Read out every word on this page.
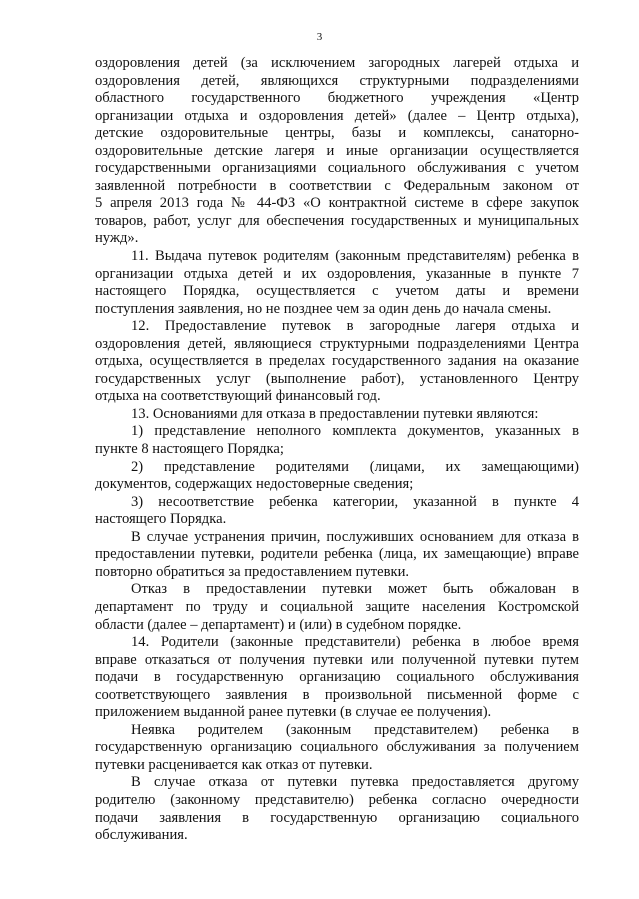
3
оздоровления детей (за исключением загородных лагерей отдыха и
оздоровления детей, являющихся структурными подразделениями
областного государственного бюджетного учреждения «Центр
организации отдыха и оздоровления детей» (далее – Центр отдыха),
детские оздоровительные центры, базы и комплексы, санаторно-
оздоровительные детские лагеря и иные организации осуществляется
государственными организациями социального обслуживания с учетом
заявленной потребности в соответствии с Федеральным законом от
5 апреля 2013 года № 44-ФЗ «О контрактной системе в сфере закупок
товаров, работ, услуг для обеспечения государственных и муниципальных
нужд».
11. Выдача путевок родителям (законным представителям) ребенка в
организации отдыха детей и их оздоровления, указанные в пункте 7
настоящего Порядка, осуществляется с учетом даты и времени
поступления заявления, но не позднее чем за один день до начала смены.
12. Предоставление путевок в загородные лагеря отдыха и
оздоровления детей, являющиеся структурными подразделениями Центра
отдыха, осуществляется в пределах государственного задания на оказание
государственных услуг (выполнение работ), установленного Центру
отдыха на соответствующий финансовый год.
13. Основаниями для отказа в предоставлении путевки являются:
1) представление неполного комплекта документов, указанных в
пункте 8 настоящего Порядка;
2) представление родителями (лицами, их замещающими)
документов, содержащих недостоверные сведения;
3) несоответствие ребенка категории, указанной в пункте 4
настоящего Порядка.
В случае устранения причин, послуживших основанием для отказа в
предоставлении путевки, родители ребенка (лица, их замещающие) вправе
повторно обратиться за предоставлением путевки.
Отказ в предоставлении путевки может быть обжалован в
департамент по труду и социальной защите населения Костромской
области (далее – департамент) и (или) в судебном порядке.
14. Родители (законные представители) ребенка в любое время
вправе отказаться от получения путевки или полученной путевки путем
подачи в государственную организацию социального обслуживания
соответствующего заявления в произвольной письменной форме с
приложением выданной ранее путевки (в случае ее получения).
Неявка родителем (законным представителем) ребенка в
государственную организацию социального обслуживания за получением
путевки расценивается как отказ от путевки.
В случае отказа от путевки путевка предоставляется другому
родителю (законному представителю) ребенка согласно очередности
подачи заявления в государственную организацию социального
обслуживания.
